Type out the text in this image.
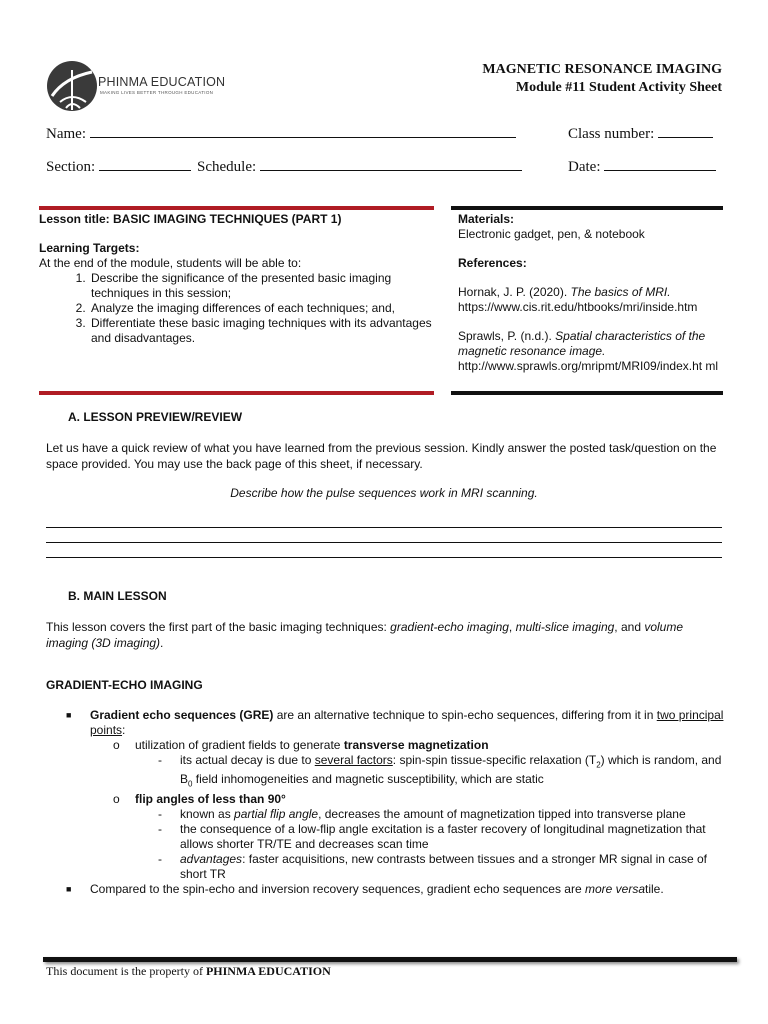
PHINMA EDUCATION
MAKING LIVES BETTER THROUGH EDUCATION
MAGNETIC RESONANCE IMAGING
Module #11 Student Activity Sheet
Name:	Class number:
Section:	Schedule:	Date:
Lesson title: BASIC IMAGING TECHNIQUES (PART 1)
Learning Targets:
At the end of the module, students will be able to:
1. Describe the significance of the presented basic imaging techniques in this session;
2. Analyze the imaging differences of each techniques; and,
3. Differentiate these basic imaging techniques with its advantages and disadvantages.
Materials:
Electronic gadget, pen, & notebook
References:
Hornak, J. P. (2020). The basics of MRI.
https://www.cis.rit.edu/htbooks/mri/inside.htm
Sprawls, P. (n.d.). Spatial characteristics of the magnetic resonance image.
http://www.sprawls.org/mripmt/MRI09/index.ht ml
A. LESSON PREVIEW/REVIEW
Let us have a quick review of what you have learned from the previous session. Kindly answer the posted task/question on the space provided. You may use the back page of this sheet, if necessary.
Describe how the pulse sequences work in MRI scanning.
B. MAIN LESSON
This lesson covers the first part of the basic imaging techniques: gradient-echo imaging, multi-slice imaging, and volume imaging (3D imaging).
GRADIENT-ECHO IMAGING
■ Gradient echo sequences (GRE) are an alternative technique to spin-echo sequences, differing from it in two principal points:
o utilization of gradient fields to generate transverse magnetization
- its actual decay is due to several factors: spin-spin tissue-specific relaxation $(T_2)$ which is random, and $B_0$ field inhomogeneities and magnetic susceptibility, which are static
o flip angles of less than 90°
- known as partial flip angle, decreases the amount of magnetization tipped into transverse plane
- the consequence of a low-flip angle excitation is a faster recovery of longitudinal magnetization that allows shorter TR/TE and decreases scan time
- advantages: faster acquisitions, new contrasts between tissues and a stronger MR signal in case of short TR
■ Compared to the spin-echo and inversion recovery sequences, gradient echo sequences are more versatile.
This document is the property of PHINMA EDUCATION
